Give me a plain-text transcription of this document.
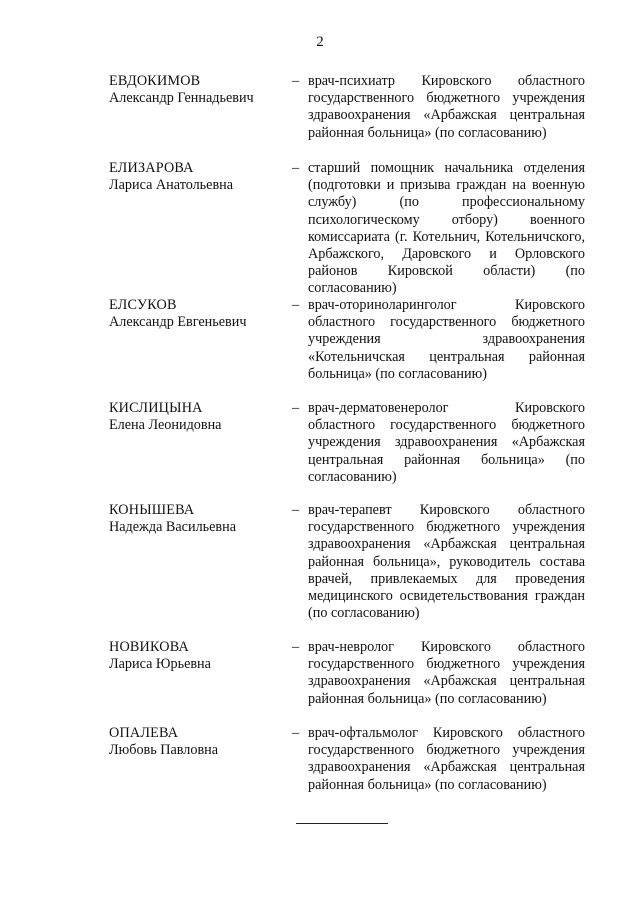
2
ЕВДОКИМОВ
Александр Геннадьевич
– врач-психиатр Кировского областного государственного бюджетного учреждения здравоохранения «Арбажская центральная районная больница» (по согласованию)
ЕЛИЗАРОВА
Лариса Анатольевна
– старший помощник начальника отделения (подготовки и призыва граждан на военную службу) (по профессиональному психологическому отбору) военного комиссариата (г. Котельнич, Котельничского, Арбажского, Даровского и Орловского районов Кировской области) (по согласованию)
ЕЛСУКОВ
Александр Евгеньевич
– врач-оториноларинголог Кировского областного государственного бюджетного учреждения здравоохранения «Котельничская центральная районная больница» (по согласованию)
КИСЛИЦЫНА
Елена Леонидовна
– врач-дерматовенеролог Кировского областного государственного бюджетного учреждения здравоохранения «Арбажская центральная районная больница» (по согласованию)
КОНЫШЕВА
Надежда Васильевна
– врач-терапевт Кировского областного государственного бюджетного учреждения здравоохранения «Арбажская центральная районная больница», руководитель состава врачей, привлекаемых для проведения медицинского освидетельствования граждан (по согласованию)
НОВИКОВА
Лариса Юрьевна
– врач-невролог Кировского областного государственного бюджетного учреждения здравоохранения «Арбажская центральная районная больница» (по согласованию)
ОПАЛЕВА
Любовь Павловна
– врач-офтальмолог Кировского областного государственного бюджетного учреждения здравоохранения «Арбажская центральная районная больница» (по согласованию)
